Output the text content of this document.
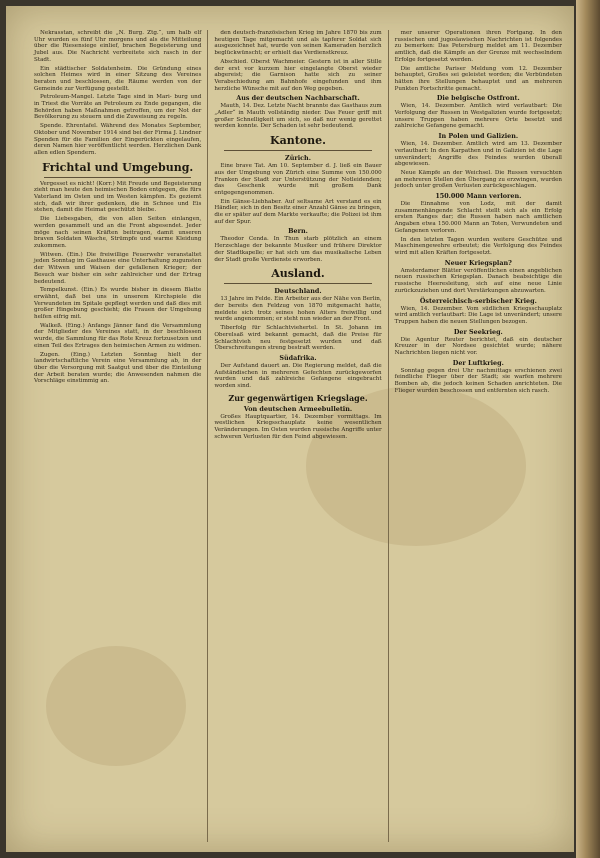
Nekrasstan, schreibt die „N. Burg. Ztg.“, um halb elf Uhr wurden es fünf Uhr morgens und als die Mitteilung über die Riesensiege einlief, brachen Begeisterung und Jubel aus. Die Nachricht verbreitete sich rasch in der Stadt.

Ein städtischer Soldatenheim. Die Gründung eines solchen Heimes wird in einer Sitzung des Vereines beraten und beschlossen, die Räume werden von der Gemeinde zur Verfügung gestellt.

Petroleum-Mangel. Letzte Tage sind in Mari- burg und in Triest die Vorräte an Petroleum zu Ende gegangen, die Behörden haben Maßnahmen getroffen, um der Not der Bevölkerung zu steuern und die Zuweisung zu regeln.

Spende. Ehrentafel. Während des Monates September, Oktober und November 1914 sind bei der Firma J. Lindner Spenden für die Familien der Eingerückten eingelaufen, deren Namen hier veröffentlicht werden. Herzlichen Dank allen edlen Spendern.

Frichtal und Umgebung.

Vergesset es nicht! (Korr.) Mit Freude und Begeisterung zieht man heute den heimischen Boden entgegen, die fürs Vaterland im Osten und im Westen kämpfen. Es geziemt sich, daß wir ihrer gedenken, die in Schnee und Eis stehen, damit die Heimat geschützt bleibe.

Die Liebesgaben, die von allen Seiten einlangen, werden gesammelt und an die Front abgesendet. Jeder möge nach seinen Kräften beitragen, damit unseren braven Soldaten Wäsche, Strümpfe und warme Kleidung zukommen.

Witwen. (Ein.) Die freiwillige Feuerwehr veranstaltet jeden Sonntag im Gasthause eine Unterhaltung zugunsten der Witwen und Waisen der gefallenen Krieger; der Besuch war bisher ein sehr zahlreicher und der Ertrag bedeutend.

Tempelkunst. (Ein.) Es wurde bisher in diesem Blatte erwähnt, daß bei uns in unserem Kirchspiele die Verwundeten im Spitale gepflegt werden und daß dies mit großer Hingebung geschieht; die Frauen der Umgebung helfen eifrig mit.

Walkeß. (Eing.) Anfangs Jänner fand die Versammlung der Mitglieder des Vereines statt, in der beschlossen wurde, die Sammlung für das Rote Kreuz fortzusetzen und einen Teil des Ertrages den heimischen Armen zu widmen.

Zugen. (Eing.) Letzten Sonntag hielt der landwirtschaftliche Verein eine Versammlung ab, in der über die Versorgung mit Saatgut und über die Einteilung der Arbeit beraten wurde; die Anwesenden nahmen die Vorschläge einstimmig an.

den deutsch-französischen Krieg im Jahre 1870 bis zum heutigen Tage mitgemacht und als tapferer Soldat sich ausgezeichnet hat, wurde von seinen Kameraden herzlich beglückwünscht; er erhielt das Verdienstkreuz.

Abschied. Oberst Wachmeier. Gestern ist in aller Stille der erst vor kurzem hier eingelangte Oberst wieder abgereist; die Garnison hatte sich zu seiner Verabschiedung am Bahnhofe eingefunden und ihm herzliche Wünsche mit auf den Weg gegeben.

Aus der deutschen Nachbarschaft.

Mauth, 14. Dez. Letzte Nacht brannte das Gasthaus zum „Adler“ in Mauth vollständig nieder. Das Feuer griff mit großer Schnelligkeit um sich, so daß nur wenig gerettet werden konnte. Der Schaden ist sehr bedeutend.

Kantone.
Zürich.

Eine brave Tat. Am 10. September d. J. ließ ein Bauer aus der Umgebung von Zürich eine Summe von 150.000 Franken der Stadt zur Unterstützung der Notleidenden; das Geschenk wurde mit großem Dank entgegengenommen.

Ein Gänse-Liebhaber. Auf seltsame Art verstand es ein Händler, sich in den Besitz einer Anzahl Gänse zu bringen, die er später auf dem Markte verkaufte; die Polizei ist ihm auf der Spur.

Bern.

Theodor Cenda. In Thun starb plötzlich an einem Herzschlage der bekannte Musiker und frühere Direktor der Stadtkapelle; er hat sich um das musikalische Leben der Stadt große Verdienste erworben.

Ausland.
Deutschland.

13 Jahre im Felde. Ein Arbeiter aus der Nähe von Berlin, der bereits den Feldzug von 1870 mitgemacht hatte, meldete sich trotz seines hohen Alters freiwillig und wurde angenommen; er steht nun wieder an der Front.

Tiberfolg für Schlachtviehertel. In St. Johann im Oberelsaß wird bekannt gemacht, daß die Preise für Schlachtvieh neu festgesetzt wurden und daß Überschreitungen streng bestraft werden.

Südafrika.

Der Aufstand dauert an. Die Regierung meldet, daß die Aufständischen in mehreren Gefechten zurückgeworfen wurden und daß zahlreiche Gefangene eingebracht worden sind.

Zur gegenwärtigen Kriegslage.
Von deutschen Armeebulletin.

Großes Hauptquartier, 14. Dezember vormittags. Im westlichen Kriegsschauplatz keine wesentlichen Veränderungen. Im Osten wurden russische Angriffe unter schweren Verlusten für den Feind abgewiesen.

mer unserer Operationen ihren Fortgang. In den russischen und jugoslawischen Nachrichten ist folgendes zu bemerken: Das Petersburg meldet am 11. Dezember amtlich, daß die Kämpfe an der Grenze mit wechselndem Erfolge fortgesetzt werden.

Die amtliche Pariser Meldung vom 12. Dezember behauptet, Großes sei geleistet worden; die Verbündeten hätten ihre Stellungen behauptet und an mehreren Punkten Fortschritte gemacht.

Die belgische Ostfront.

Wien, 14. Dezember. Amtlich wird verlautbart: Die Verfolgung der Russen in Westgalizien wurde fortgesetzt; unsere Truppen haben mehrere Orte besetzt und zahlreiche Gefangene gemacht.

In Polen und Galizien.

Wien, 14. Dezember. Amtlich wird am 13. Dezember verlautbart: In den Karpathen und in Galizien ist die Lage unverändert; Angriffe des Feindes wurden überall abgewiesen.

Neue Kämpfe an der Weichsel. Die Russen versuchten an mehreren Stellen den Übergang zu erzwingen, wurden jedoch unter großen Verlusten zurückgeschlagen.

150.000 Mann verloren.

Die Einnahme von Lodz, mit der damit zusammenhängende Schlacht stellt sich als ein Erfolg ersten Ranges dar; die Russen haben nach amtlichen Angaben etwa 150.000 Mann an Toten, Verwundeten und Gefangenen verloren.

In den letzten Tagen wurden weitere Geschütze und Maschinengewehre erbeutet; die Verfolgung des Feindes wird mit allen Kräften fortgesetzt.

Neuer Kriegsplan?

Amsterdamer Blätter veröffentlichen einen angeblichen neuen russischen Kriegsplan. Danach beabsichtige die russische Heeresleitung, sich auf eine neue Linie zurückzuziehen und dort Verstärkungen abzuwarten.

Österreichisch-serbischer Krieg.

Wien, 14. Dezember. Vom südlichen Kriegsschauplatz wird amtlich verlautbart: Die Lage ist unverändert; unsere Truppen haben die neuen Stellungen bezogen.

Der Seekrieg.

Die Agentur Reuter berichtet, daß ein deutscher Kreuzer in der Nordsee gesichtet wurde; nähere Nachrichten liegen nicht vor.

Der Luftkrieg.

Sonntag gegen drei Uhr nachmittags erschienen zwei feindliche Flieger über der Stadt; sie warfen mehrere Bomben ab, die jedoch keinen Schaden anrichteten. Die Flieger wurden beschossen und entfernten sich rasch.
